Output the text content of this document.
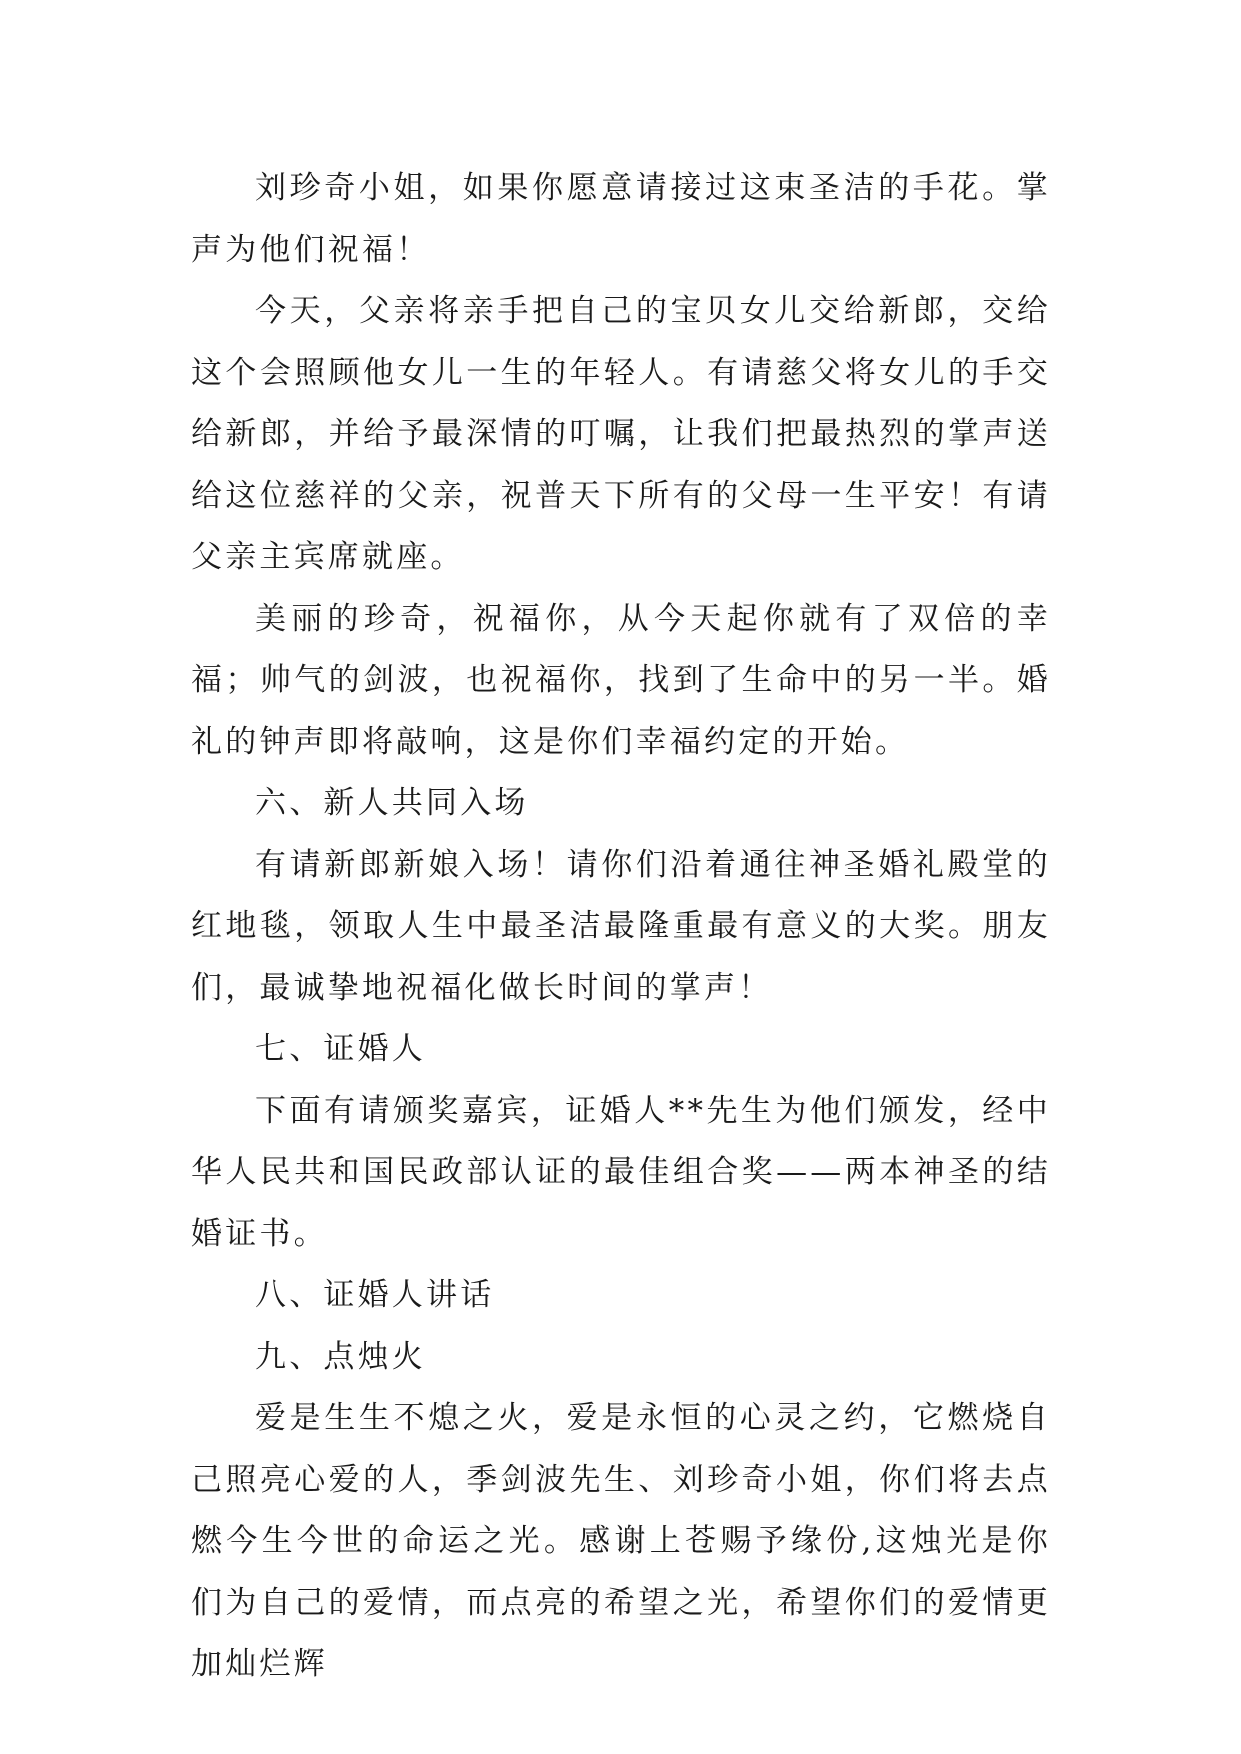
刘珍奇小姐，如果你愿意请接过这束圣洁的手花。掌声为他们祝福！

今天，父亲将亲手把自己的宝贝女儿交给新郎，交给这个会照顾他女儿一生的年轻人。有请慈父将女儿的手交给新郎，并给予最深情的叮嘱，让我们把最热烈的掌声送给这位慈祥的父亲，祝普天下所有的父母一生平安！有请父亲主宾席就座。

美丽的珍奇，祝福你，从今天起你就有了双倍的幸福；帅气的剑波，也祝福你，找到了生命中的另一半。婚礼的钟声即将敲响，这是你们幸福约定的开始。

六、新人共同入场

有请新郎新娘入场！请你们沿着通往神圣婚礼殿堂的红地毯，领取人生中最圣洁最隆重最有意义的大奖。朋友们，最诚挚地祝福化做长时间的掌声！

七、证婚人

下面有请颁奖嘉宾，证婚人**先生为他们颁发，经中华人民共和国民政部认证的最佳组合奖——两本神圣的结婚证书。

八、证婚人讲话

九、点烛火

爱是生生不熄之火，爱是永恒的心灵之约，它燃烧自己照亮心爱的人，季剑波先生、刘珍奇小姐，你们将去点燃今生今世的命运之光。感谢上苍赐予缘份,这烛光是你们为自己的爱情，而点亮的希望之光，希望你们的爱情更加灿烂辉
